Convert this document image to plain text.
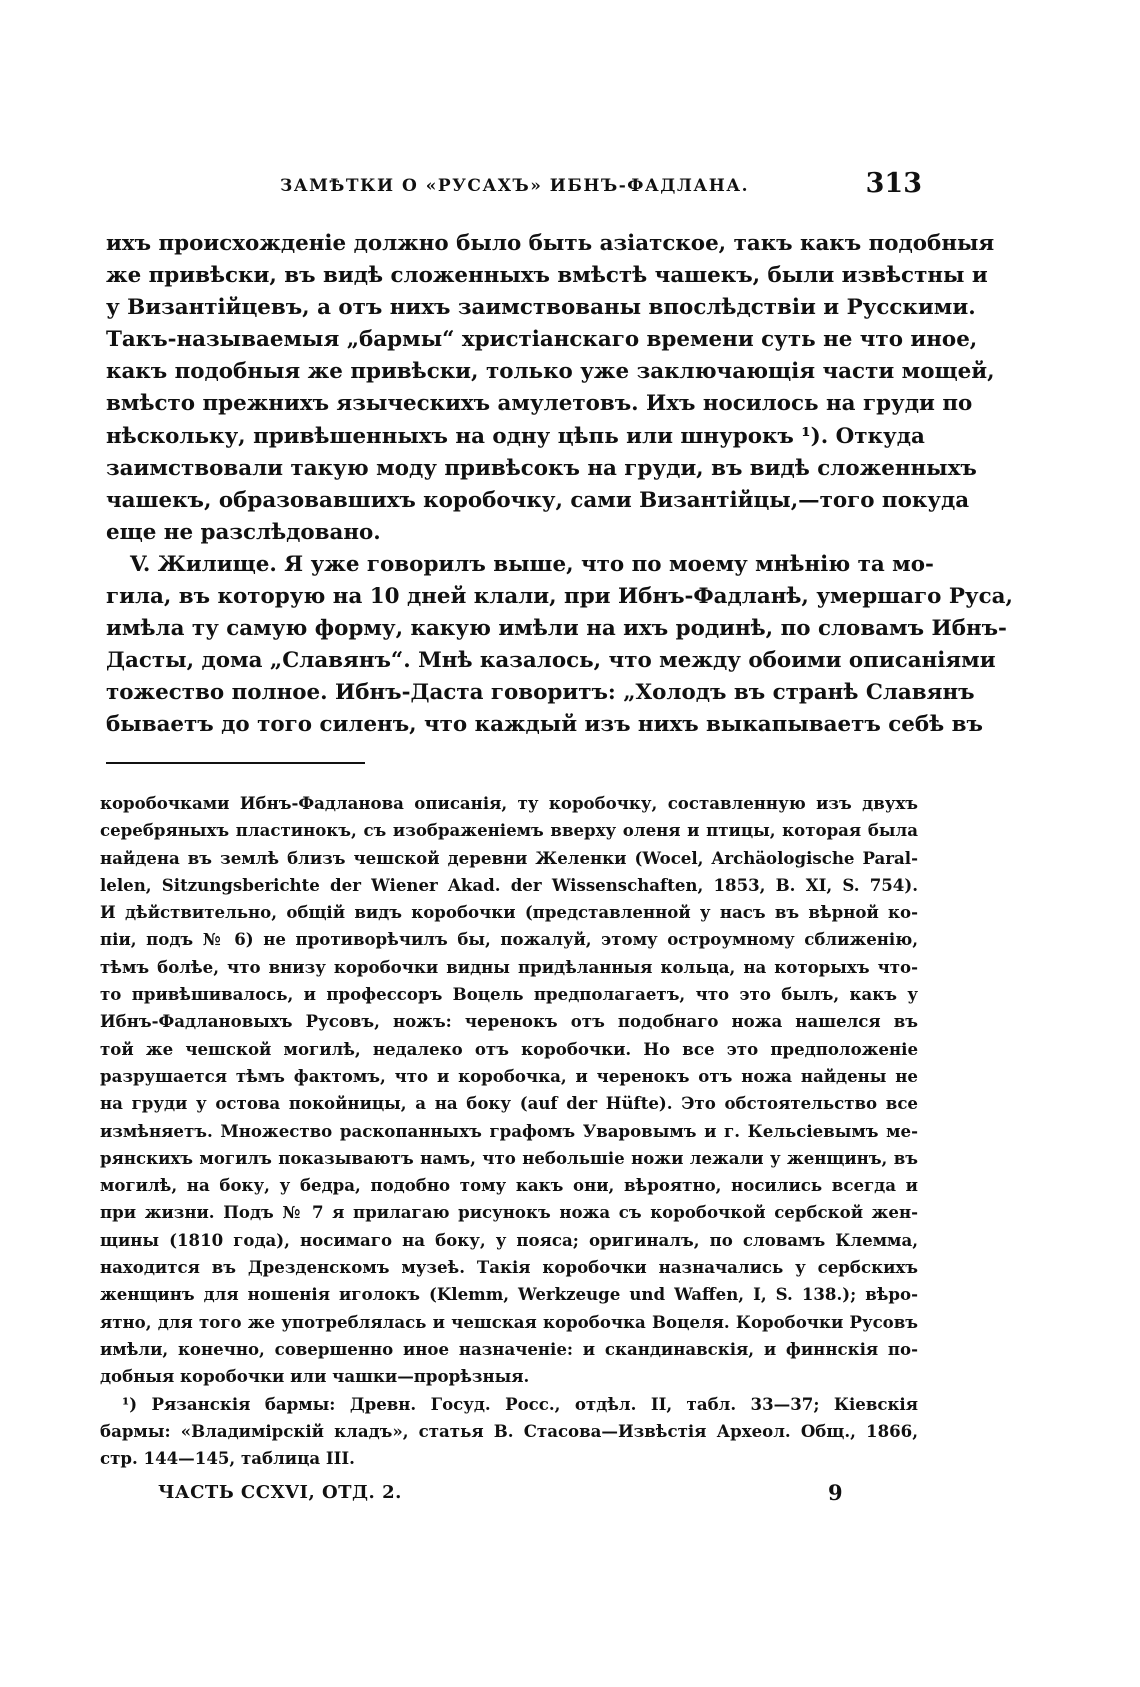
ЗАМѢТКИ О «РУСАХЪ» ИБНЪ-ФАДЛАНА.	313
ихъ происхожденіе должно было быть азіатское, такъ какъ подобныя
же привѣски, въ видѣ сложенныхъ вмѣстѣ чашекъ, были извѣстны и
у Византійцевъ, а отъ нихъ заимствованы впослѣдствіи и Русскими.
Такъ-называемыя „бармы“ христіанскаго времени суть не что иное,
какъ подобныя же привѣски, только уже заключающія части мощей,
вмѣсто прежнихъ языческихъ амулетовъ. Ихъ носилось на груди по
нѣскольку, привѣшенныхъ на одну цѣпь или шнурокъ ¹). Откуда
заимствовали такую моду привѣсокъ на груди, въ видѣ сложенныхъ
чашекъ, образовавшихъ коробочку, сами Византійцы,—того покуда
еще не разслѣдовано.
V. Жилище. Я уже говорилъ выше, что по моему мнѣнію та мо-
гила, въ которую на 10 дней клали, при Ибнъ-Фадланѣ, умершаго Руса,
имѣла ту самую форму, какую имѣли на ихъ родинѣ, по словамъ Ибнъ-
Дасты, дома „Славянъ“. Мнѣ казалось, что между обоими описаніями
тожество полное. Ибнъ-Даста говоритъ: „Холодъ въ странѣ Славянъ
бываетъ до того силенъ, что каждый изъ нихъ выкапываетъ себѣ въ
коробочками Ибнъ-Фадланова описанія, ту коробочку, составленную изъ двухъ
серебряныхъ пластинокъ, съ изображеніемъ вверху оленя и птицы, которая была
найдена въ землѣ близъ чешской деревни Желенки (Wocel, Archäologische Paral-
lelen, Sitzungsberichte der Wiener Akad. der Wissenschaften, 1853, B. XI, S. 754).
И дѣйствительно, общій видъ коробочки (представленной у насъ въ вѣрной ко-
піи, подъ № 6) не противорѣчилъ бы, пожалуй, этому остроумному сближенію,
тѣмъ болѣе, что внизу коробочки видны придѣланныя кольца, на которыхъ что-
то привѣшивалось, и профессоръ Воцель предполагаетъ, что это былъ, какъ у
Ибнъ-Фадлановыхъ Русовъ, ножъ: черенокъ отъ подобнаго ножа нашелся въ
той же чешской могилѣ, недалеко отъ коробочки. Но все это предположеніе
разрушается тѣмъ фактомъ, что и коробочка, и черенокъ отъ ножа найдены не
на груди у остова покойницы, а на боку (auf der Hüfte). Это обстоятельство все
измѣняетъ. Множество раскопанныхъ графомъ Уваровымъ и г. Кельсіевымъ ме-
рянскихъ могилъ показываютъ намъ, что небольшіе ножи лежали у женщинъ, въ
могилѣ, на боку, у бедра, подобно тому какъ они, вѣроятно, носились всегда и
при жизни. Подъ № 7 я прилагаю рисунокъ ножа съ коробочкой сербской жен-
щины (1810 года), носимаго на боку, у пояса; оригиналъ, по словамъ Клемма,
находится въ Дрезденскомъ музеѣ. Такія коробочки назначались у сербскихъ
женщинъ для ношенія иголокъ (Klemm, Werkzeuge und Waffen, I, S. 138.); вѣро-
ятно, для того же употреблялась и чешская коробочка Воцеля. Коробочки Русовъ
имѣли, конечно, совершенно иное назначеніе: и скандинавскія, и финнскія по-
добныя коробочки или чашки—прорѣзныя.
¹) Рязанскія бармы: Древн. Госуд. Росс., отдѣл. II, табл. 33—37; Кіевскія
бармы: «Владимірскій кладъ», статья В. Стасова—Извѣстія Археол. Общ., 1866,
стр. 144—145, таблица III.
ЧАСТЬ CCXVI, ОТД. 2.	9
